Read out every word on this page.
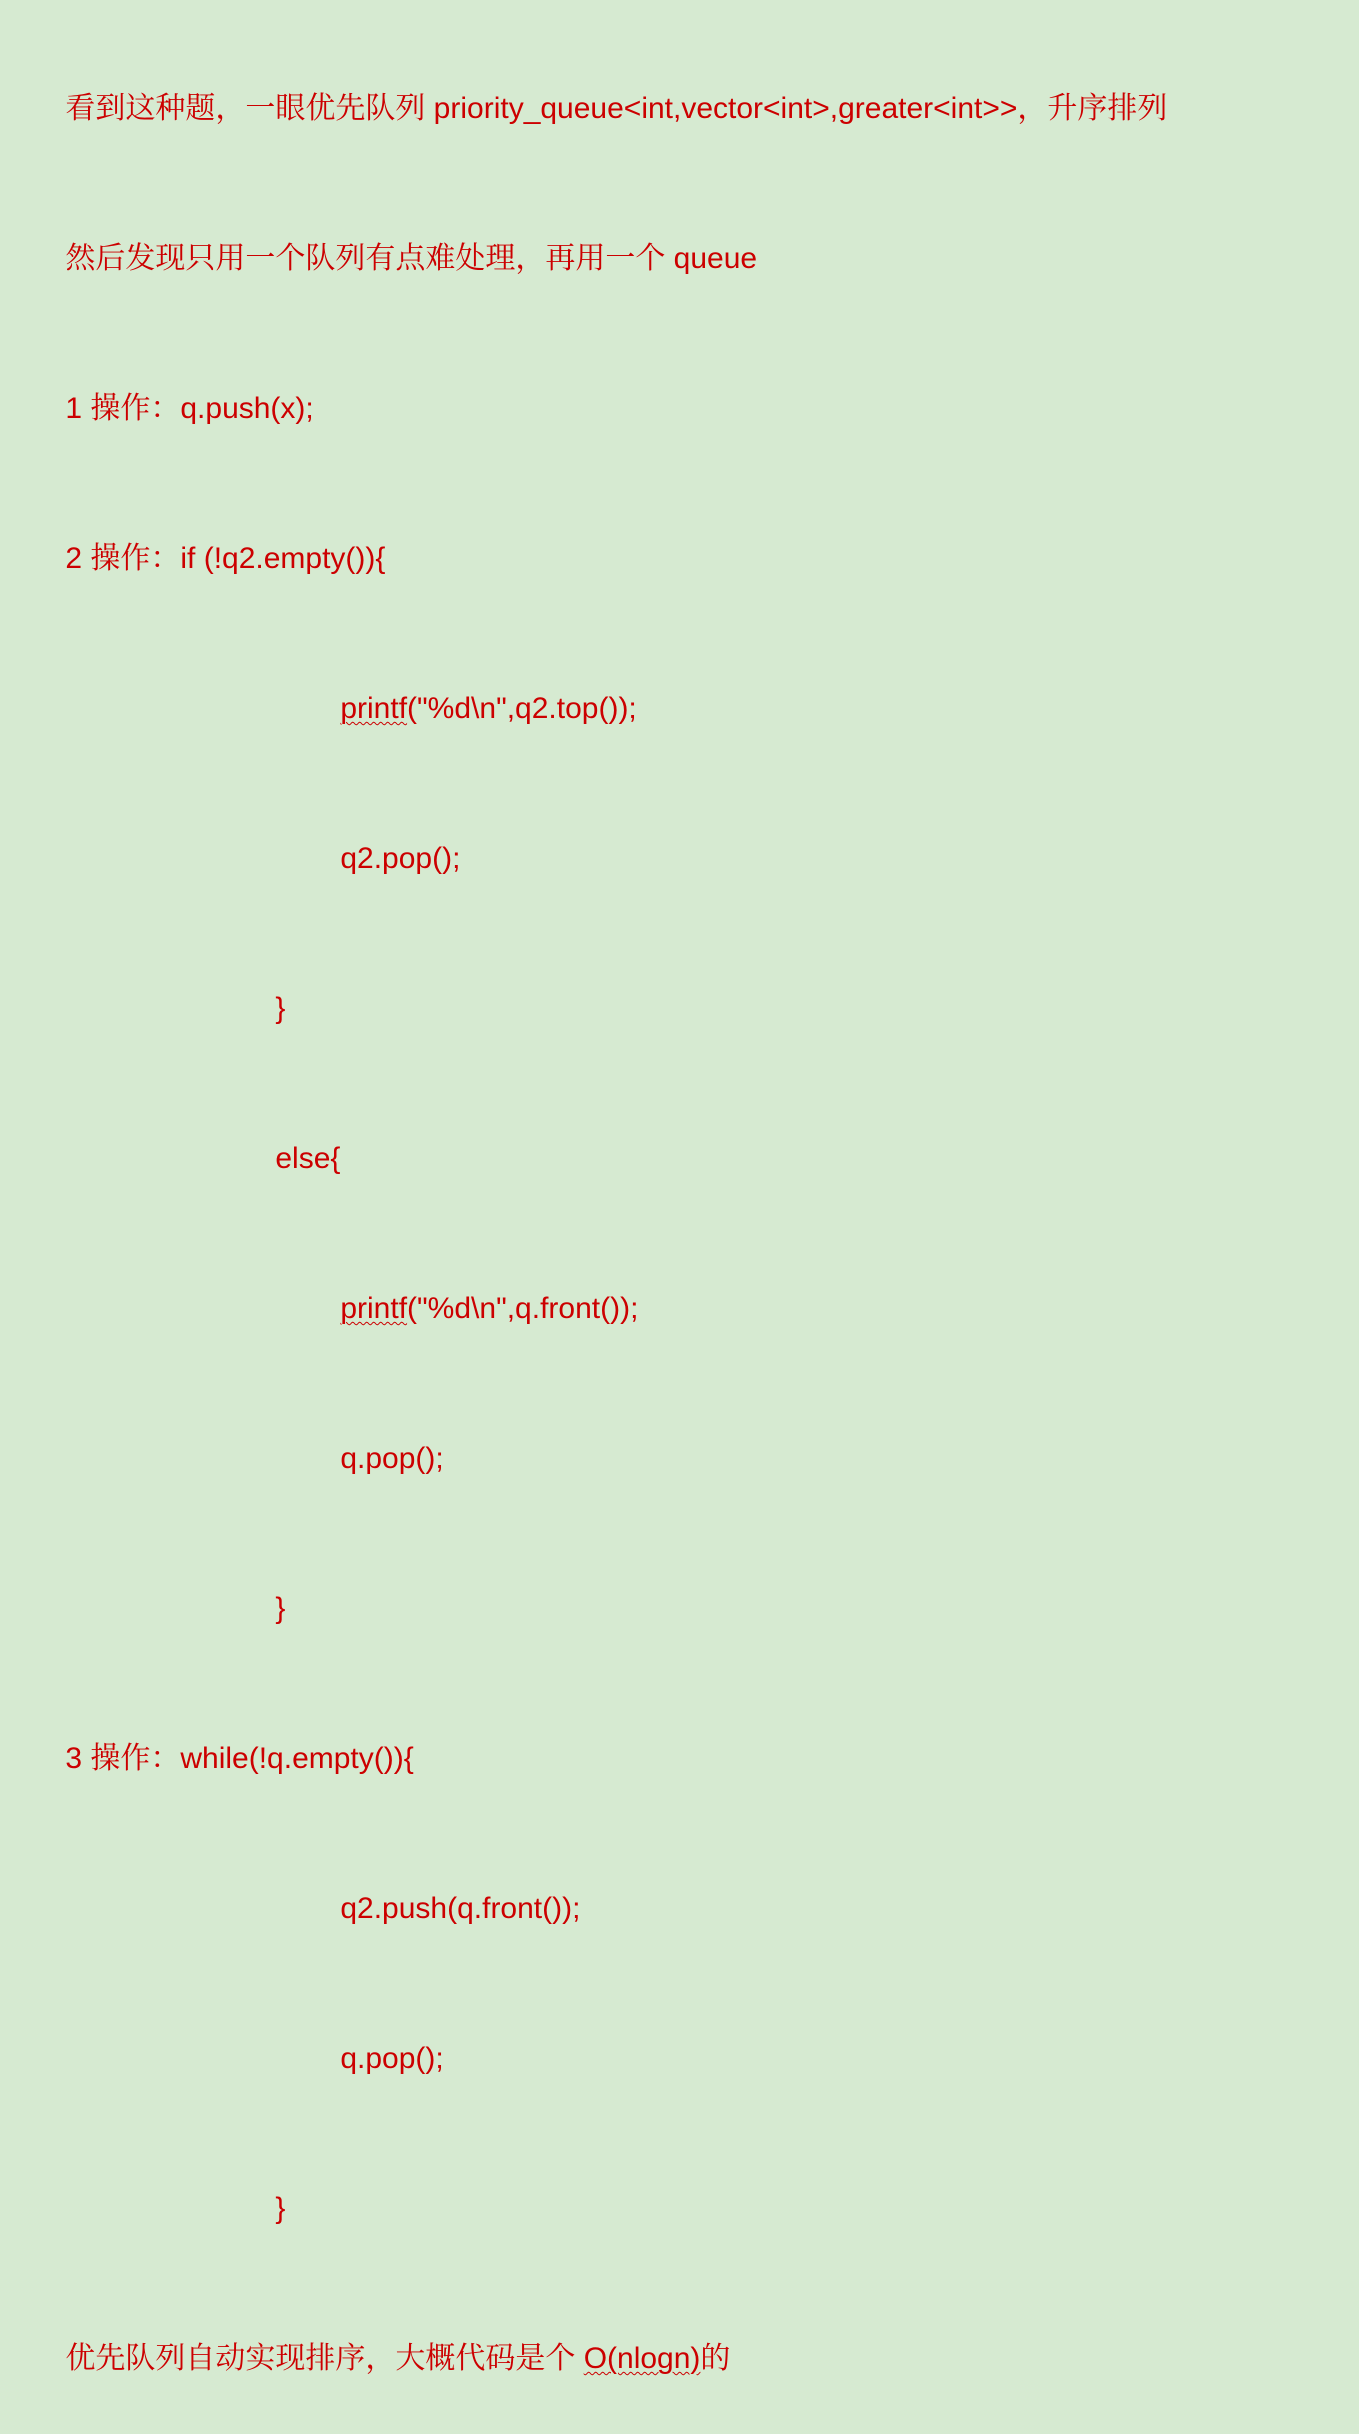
看到这种题，一眼优先队列 priority_queue<int,vector<int>,greater<int>>，升序排列

然后发现只用一个队列有点难处理，再用一个 queue

1 操作：q.push(x);

2 操作：if (!q2.empty()){

printf("%d\n",q2.top());

q2.pop();

}

else{

printf("%d\n",q.front());

q.pop();

}

3 操作：while(!q.empty()){

q2.push(q.front());

q.pop();

}

优先队列自动实现排序，大概代码是个 O(nlogn)的
